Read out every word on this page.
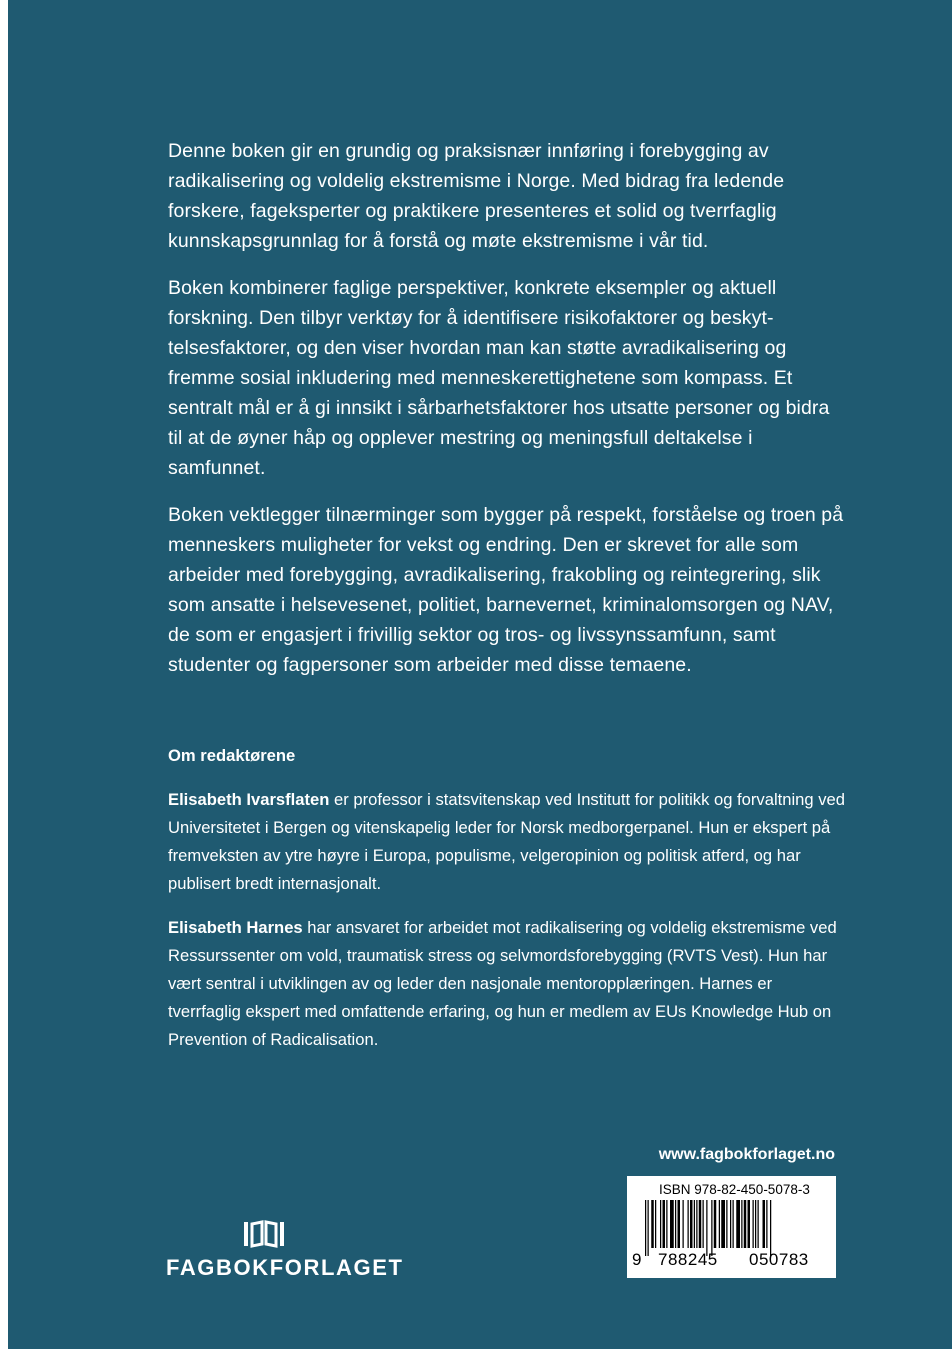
Denne boken gir en grundig og praksisnær innføring i forebygging av radikalisering og voldelig ekstremisme i Norge. Med bidrag fra ledende forskere, fageksperter og praktikere presenteres et solid og tverrfaglig kunnskapsgrunnlag for å forstå og møte ekstremisme i vår tid.

Boken kombinerer faglige perspektiver, konkrete eksempler og aktuell forskning. Den tilbyr verktøy for å identifisere risikofaktorer og beskyttelsesfaktorer, og den viser hvordan man kan støtte avradikalisering og fremme sosial inkludering med menneskerettighetene som kompass. Et sentralt mål er å gi innsikt i sårbarhetsfaktorer hos utsatte personer og bidra til at de øyner håp og opplever mestring og meningsfull deltakelse i samfunnet.

Boken vektlegger tilnærminger som bygger på respekt, forståelse og troen på menneskers muligheter for vekst og endring. Den er skrevet for alle som arbeider med forebygging, avradikalisering, frakobling og reintegrering, slik som ansatte i helsevesenet, politiet, barnevernet, kriminalomsorgen og NAV, de som er engasjert i frivillig sektor og tros- og livssynssamfunn, samt studenter og fagpersoner som arbeider med disse temaene.

Om redaktørene

Elisabeth Ivarsflaten er professor i statsvitenskap ved Institutt for politikk og forvaltning ved Universitetet i Bergen og vitenskapelig leder for Norsk medborgerpanel. Hun er ekspert på fremveksten av ytre høyre i Europa, populisme, velgeropinion og politisk atferd, og har publisert bredt internasjonalt.

Elisabeth Harnes har ansvaret for arbeidet mot radikalisering og voldelig ekstremisme ved Ressurssenter om vold, traumatisk stress og selvmordsforebygging (RVTS Vest). Hun har vært sentral i utviklingen av og leder den nasjonale mentoropplæringen. Harnes er tverrfaglig ekspert med omfattende erfaring, og hun er medlem av EUs Knowledge Hub on Prevention of Radicalisation.

www.fagbokforlaget.no
ISBN 978-82-450-5078-3
9 788245 050783
FAGBOKFORLAGET
